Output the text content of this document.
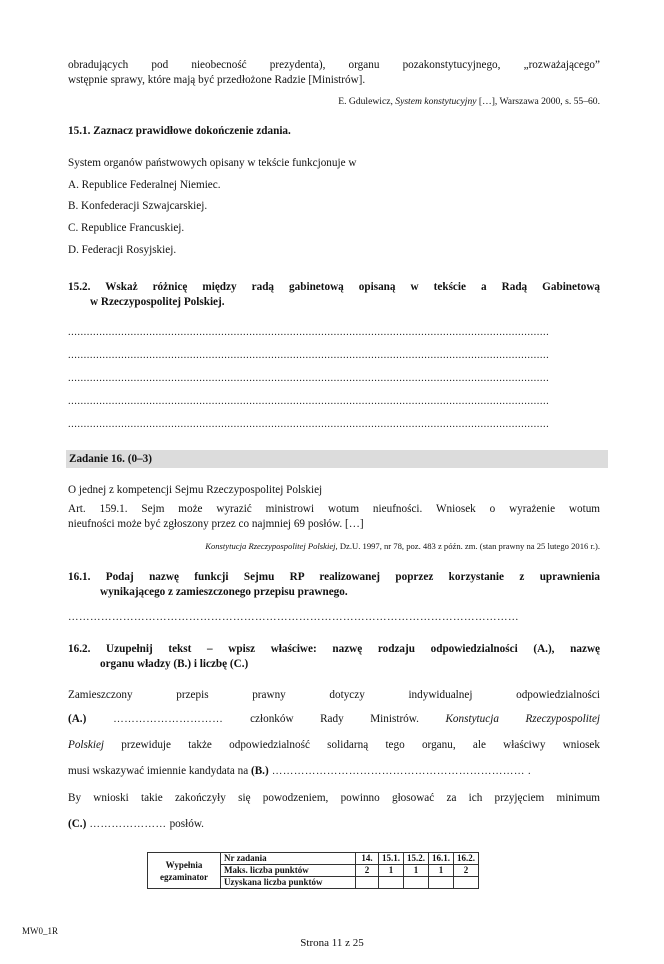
obradujących pod nieobecność prezydenta), organu pozakonstytucyjnego, „rozważającego”
wstępnie sprawy, które mają być przedłożone Radzie [Ministrów].
E. Gdulewicz, System konstytucyjny […], Warszawa 2000, s. 55–60.
15.1. Zaznacz prawidłowe dokończenie zdania.
System organów państwowych opisany w tekście funkcjonuje w
A. Republice Federalnej Niemiec.
B. Konfederacji Szwajcarskiej.
C. Republice Francuskiej.
D. Federacji Rosyjskiej.
15.2. Wskaż różnicę między radą gabinetową opisaną w tekście a Radą Gabinetową
w Rzeczypospolitej Polskiej.
..........................................................................................................................................................
..........................................................................................................................................................
..........................................................................................................................................................
..........................................................................................................................................................
..........................................................................................................................................................
Zadanie 16. (0–3)
O jednej z kompetencji Sejmu Rzeczypospolitej Polskiej
Art. 159.1. Sejm może wyrazić ministrowi wotum nieufności. Wniosek o wyrażenie wotum
nieufności może być zgłoszony przez co najmniej 69 posłów. […]
Konstytucja Rzeczypospolitej Polskiej, Dz.U. 1997, nr 78, poz. 483 z późn. zm. (stan prawny na 25 lutego 2016 r.).
16.1. Podaj nazwę funkcji Sejmu RP realizowanej poprzez korzystanie z uprawnienia
wynikającego z zamieszczonego przepisu prawnego.
……………………………………………………………………………………………………………
16.2. Uzupełnij tekst – wpisz właściwe: nazwę rodzaju odpowiedzialności (A.), nazwę
organu władzy (B.) i liczbę (C.)
Zamieszczony przepis prawny dotyczy indywidualnej odpowiedzialności
(A.) ………………………… członków Rady Ministrów. Konstytucja Rzeczypospolitej
Polskiej przewiduje także odpowiedzialność solidarną tego organu, ale właściwy wniosek
musi wskazywać imiennie kandydata na (B.) …………………………………………………………… .
By wnioski takie zakończyły się powodzeniem, powinno głosować za ich przyjęciem minimum
(C.) ………………… posłów.
Wypełnia
egzaminator	Nr zadania	14.	15.1.	15.2.	16.1.	16.2.
	Maks. liczba punktów	2	1	1	1	2
	Uzyskana liczba punktów					
MW0_1R
Strona 11 z 25
